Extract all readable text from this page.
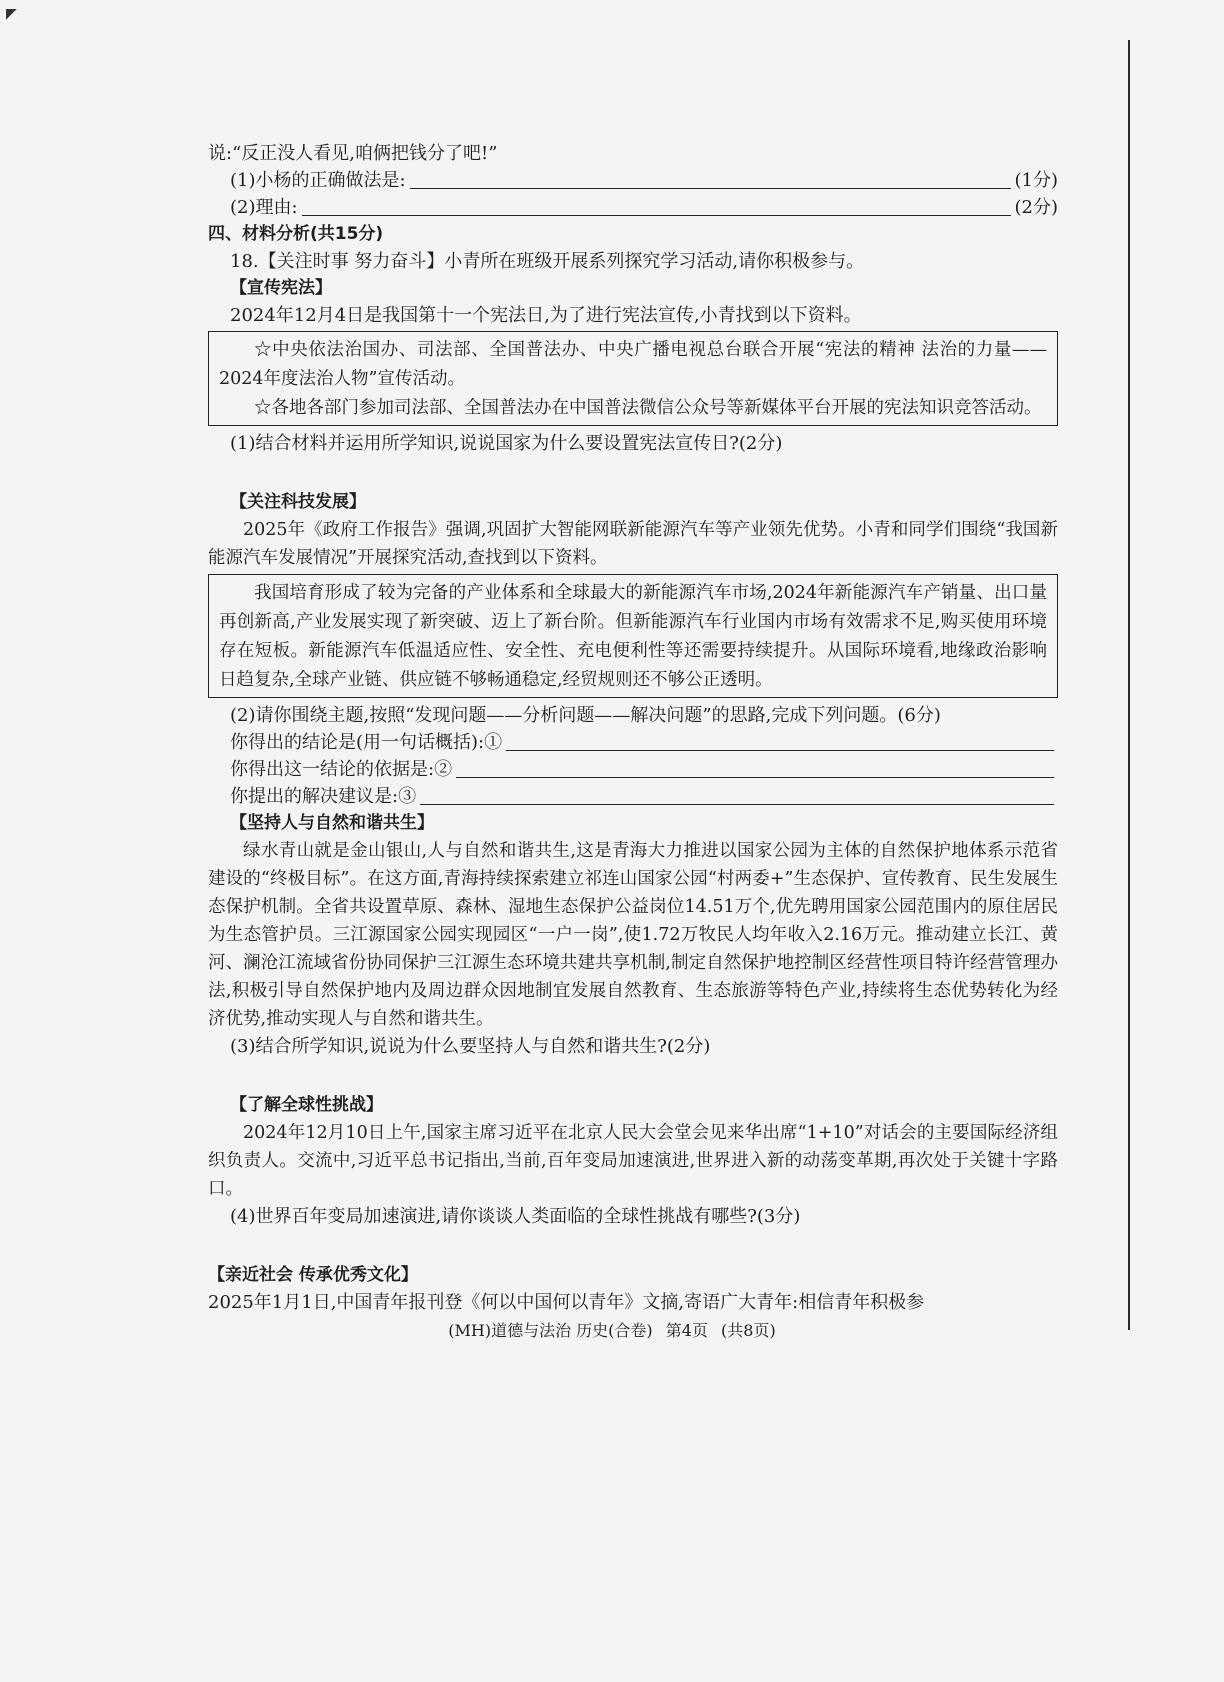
◤
说:“反正没人看见,咱俩把钱分了吧!”
(1)小杨的正确做法是:	(1分)
(2)理由:	(2分)
四、材料分析(共15分)
18.【关注时事 努力奋斗】小青所在班级开展系列探究学习活动,请你积极参与。
【宣传宪法】
2024年12月4日是我国第十一个宪法日,为了进行宪法宣传,小青找到以下资料。

☆中央依法治国办、司法部、全国普法办、中央广播电视总台联合开展“宪法的精神 法治的力量——2024年度法治人物”宣传活动。

☆各地各部门参加司法部、全国普法办在中国普法微信公众号等新媒体平台开展的宪法知识竞答活动。

(1)结合材料并运用所学知识,说说国家为什么要设置宪法宣传日?(2分)
【关注科技发展】

2025年《政府工作报告》强调,巩固扩大智能网联新能源汽车等产业领先优势。小青和同学们围绕“我国新能源汽车发展情况”开展探究活动,查找到以下资料。

我国培育形成了较为完备的产业体系和全球最大的新能源汽车市场,2024年新能源汽车产销量、出口量再创新高,产业发展实现了新突破、迈上了新台阶。但新能源汽车行业国内市场有效需求不足,购买使用环境存在短板。新能源汽车低温适应性、安全性、充电便利性等还需要持续提升。从国际环境看,地缘政治影响日趋复杂,全球产业链、供应链不够畅通稳定,经贸规则还不够公正透明。

(2)请你围绕主题,按照“发现问题——分析问题——解决问题”的思路,完成下列问题。(6分)
你得出的结论是(用一句话概括):①
你得出这一结论的依据是:②
你提出的解决建议是:③
【坚持人与自然和谐共生】

绿水青山就是金山银山,人与自然和谐共生,这是青海大力推进以国家公园为主体的自然保护地体系示范省建设的“终极目标”。在这方面,青海持续探索建立祁连山国家公园“村两委+”生态保护、宣传教育、民生发展生态保护机制。全省共设置草原、森林、湿地生态保护公益岗位14.51万个,优先聘用国家公园范围内的原住居民为生态管护员。三江源国家公园实现园区“一户一岗”,使1.72万牧民人均年收入2.16万元。推动建立长江、黄河、澜沧江流域省份协同保护三江源生态环境共建共享机制,制定自然保护地控制区经营性项目特许经营管理办法,积极引导自然保护地内及周边群众因地制宜发展自然教育、生态旅游等特色产业,持续将生态优势转化为经济优势,推动实现人与自然和谐共生。

(3)结合所学知识,说说为什么要坚持人与自然和谐共生?(2分)
【了解全球性挑战】

2024年12月10日上午,国家主席习近平在北京人民大会堂会见来华出席“1+10”对话会的主要国际经济组织负责人。交流中,习近平总书记指出,当前,百年变局加速演进,世界进入新的动荡变革期,再次处于关键十字路口。

(4)世界百年变局加速演进,请你谈谈人类面临的全球性挑战有哪些?(3分)
【亲近社会 传承优秀文化】
2025年1月1日,中国青年报刊登《何以中国何以青年》文摘,寄语广大青年:相信青年积极参
(MH)道德与法治 历史(合卷) 第4页 (共8页)
